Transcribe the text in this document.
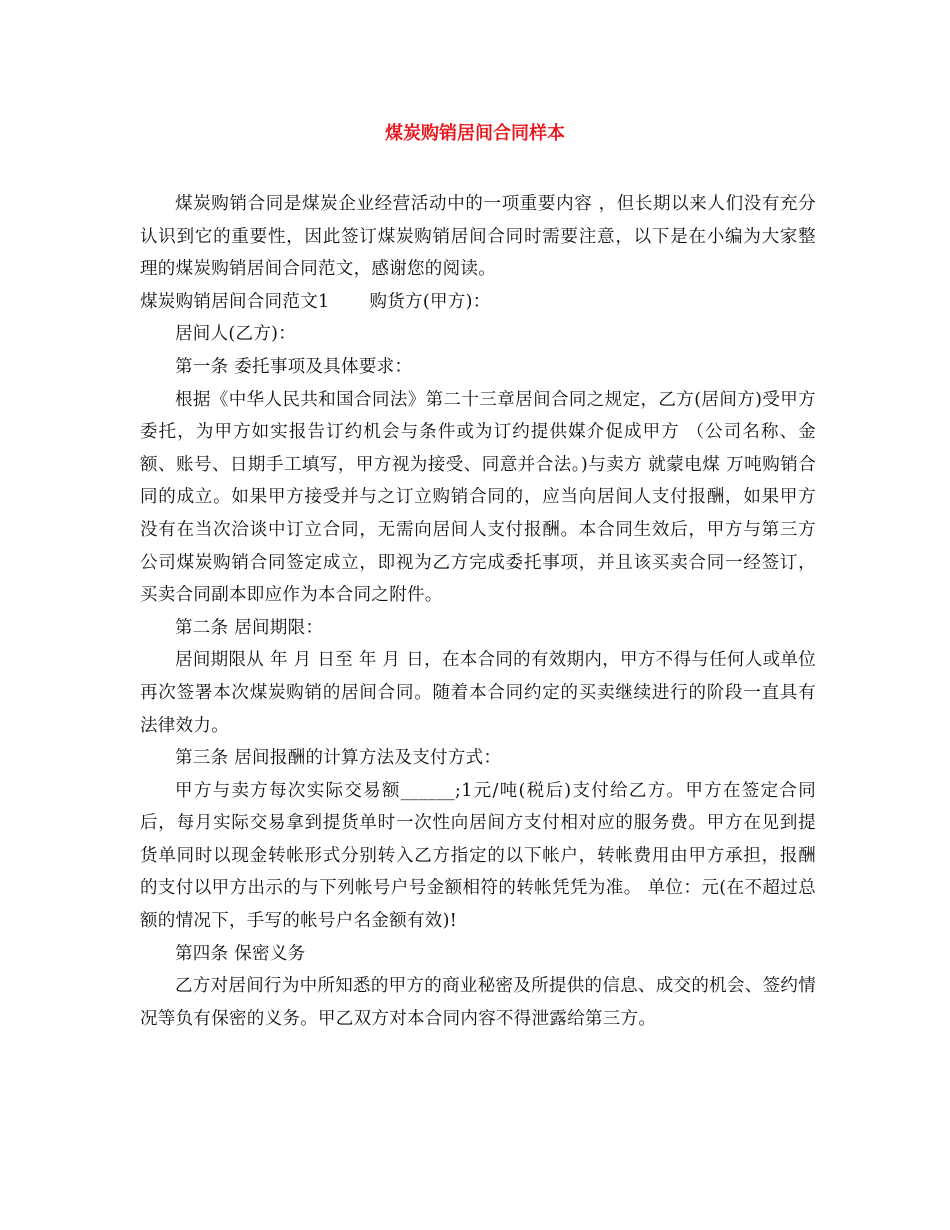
煤炭购销居间合同样本

煤炭购销合同是煤炭企业经营活动中的一项重要内容 ，但长期以来人们没有充分认识到它的重要性，因此签订煤炭购销居间合同时需要注意，以下是在小编为大家整理的煤炭购销居间合同范文，感谢您的阅读。

煤炭购销居间合同范文1 购货方(甲方)：

居间人(乙方)：

第一条 委托事项及具体要求：

根据《中华人民共和国合同法》第二十三章居间合同之规定，乙方(居间方)受甲方委托，为甲方如实报告订约机会与条件或为订约提供媒介促成甲方 （公司名称、金额、账号、日期手工填写，甲方视为接受、同意并合法。)与卖方 就蒙电煤 万吨购销合同的成立。如果甲方接受并与之订立购销合同的，应当向居间人支付报酬，如果甲方没有在当次洽谈中订立合同，无需向居间人支付报酬。本合同生效后，甲方与第三方 公司煤炭购销合同签定成立，即视为乙方完成委托事项，并且该买卖合同一经签订，买卖合同副本即应作为本合同之附件。

第二条 居间期限：

居间期限从 年 月 日至 年 月 日，在本合同的有效期内，甲方不得与任何人或单位再次签署本次煤炭购销的居间合同。随着本合同约定的买卖继续进行的阶段一直具有法律效力。

第三条 居间报酬的计算方法及支付方式：

甲方与卖方每次实际交易额______;1元/吨(税后)支付给乙方。甲方在签定合同后，每月实际交易拿到提货单时一次性向居间方支付相对应的服务费。甲方在见到提货单同时以现金转帐形式分别转入乙方指定的以下帐户，转帐费用由甲方承担，报酬的支付以甲方出示的与下列帐号户号金额相符的转帐凭凭为准。 单位：元(在不超过总额的情况下，手写的帐号户名金额有效)!

第四条 保密义务

乙方对居间行为中所知悉的甲方的商业秘密及所提供的信息、成交的机会、签约情况等负有保密的义务。甲乙双方对本合同内容不得泄露给第三方。
